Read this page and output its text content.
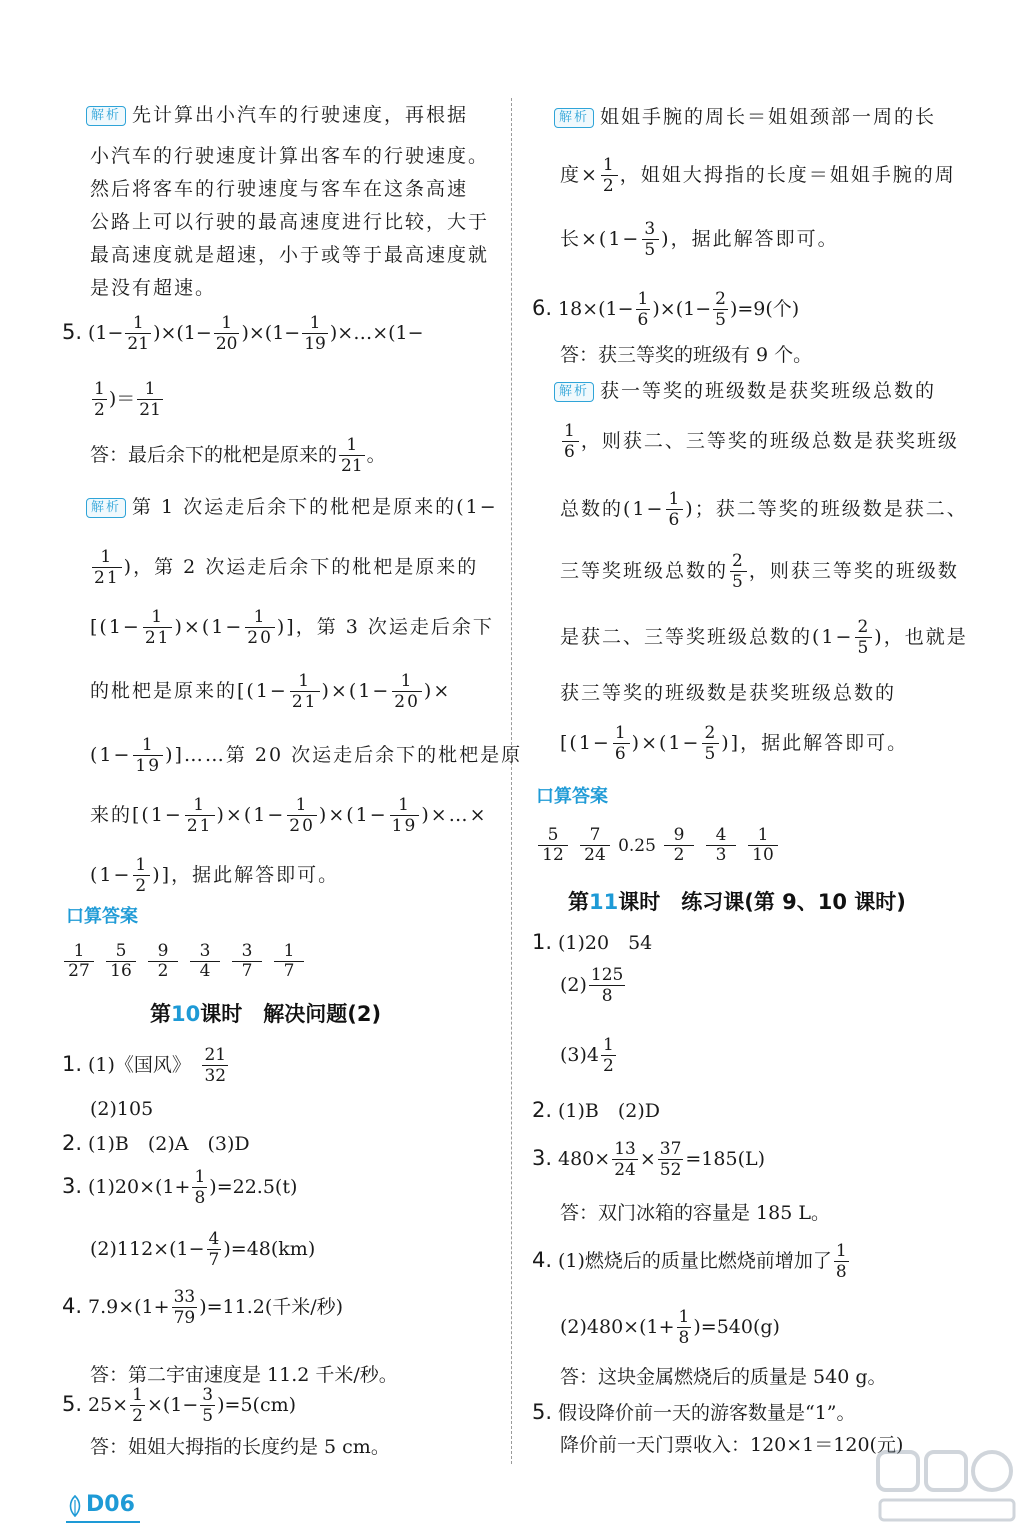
解析 先计算出小汽车的行驶速度，再根据
小汽车的行驶速度计算出客车的行驶速度。
然后将客车的行驶速度与客车在这条高速
公路上可以行驶的最高速度进行比较，大于
最高速度就是超速，小于或等于最高速度就
是没有超速。
5. $(1- \frac{1}{21} )\times(1- \frac{1}{20} )\times(1- \frac{1}{19}$ )×…×(1−
$\frac{1}{2}$ )＝ $\frac{1}{21}$
答：最后余下的枇杷是原来的 $\frac{1}{21}$ 。
解析 第 1 次运走后余下的枇杷是原来的(1−
$\frac{1}{21}$ )，第 2 次运走后余下的枇杷是原来的
[$(1- \frac{1}{21} )\times(1- \frac{1}{20}$ )]，第 3 次运走后余下
的枇杷是原来的[$(1- \frac{1}{21} )\times(1- \frac{1}{20}$ )×
($1- \frac{1}{19}$ )]……第 20 次运走后余下的枇杷是原
来的[$(1- \frac{1}{21} )\times(1- \frac{1}{20} )\times(1- \frac{1}{19}$ )×…×
($1- \frac{1}{2}$ )]，据此解答即可。
口算答案
1
27
5
16
9
2
3
4
3
7
1
7
第10课时　解决问题(2)
1. (1)《国风》　 $\frac{21}{32}$
(2)105
2. (1)B　(2)A　(3)D
3. $(1)20\times(1+ \frac{1}{8} )=22.5(t)$
$(2)112\times(1- \frac{4}{7} )=48(km)$
4. $7.9\times(1+ \frac{33}{79} )=11.2$(千米/秒)
答：第二宇宙速度是 11.2 千米/秒。
5. $25\times \frac{1}{2} \times(1- \frac{3}{5} )=5(cm)$
答：姐姐大拇指的长度约是 5 cm。
解析 姐姐手腕的周长＝姐姐颈部一周的长
度× $\frac{1}{2}$ ，姐姐大拇指的长度＝姐姐手腕的周
长$\times(1- \frac{3}{5}$ )，据此解答即可。
6. $18\times(1- \frac{1}{6} )\times(1- \frac{2}{5} )=9$(个)
答：获三等奖的班级有 9 个。
解析 获一等奖的班级数是获奖班级总数的
$\frac{1}{6}$ ，则获二、三等奖的班级总数是获奖班级
总数的($1- \frac{1}{6}$ )；获二等奖的班级数是获二、
三等奖班级总数的 $\frac{2}{5}$ ，则获三等奖的班级数
是获二、三等奖班级总数的($1- \frac{2}{5}$ )，也就是
获三等奖的班级数是获奖班级总数的
[$(1- \frac{1}{6} )\times(1- \frac{2}{5}$ )]，据此解答即可。
口算答案
5
12
7
24 0.25
9
2
4
3
1
10
第11课时　练习课(第 9、10 课时)
1. (1)20　54
$(2) \frac{125}{8}$
$(3)4 \frac{1}{2}$
2. (1)B　(2)D
3. $480\times \frac{13}{24} \times \frac{37}{52} =185(L)$
答：双门冰箱的容量是 185 L。
4. (1)燃烧后的质量比燃烧前增加了 $\frac{1}{8}$
$(2)480\times(1+ \frac{1}{8} )=540(g)$
答：这块金属燃烧后的质量是 540 g。
5. 假设降价前一天的游客数量是“1”。
降价前一天门票收入：120×1＝120(元)
D06
